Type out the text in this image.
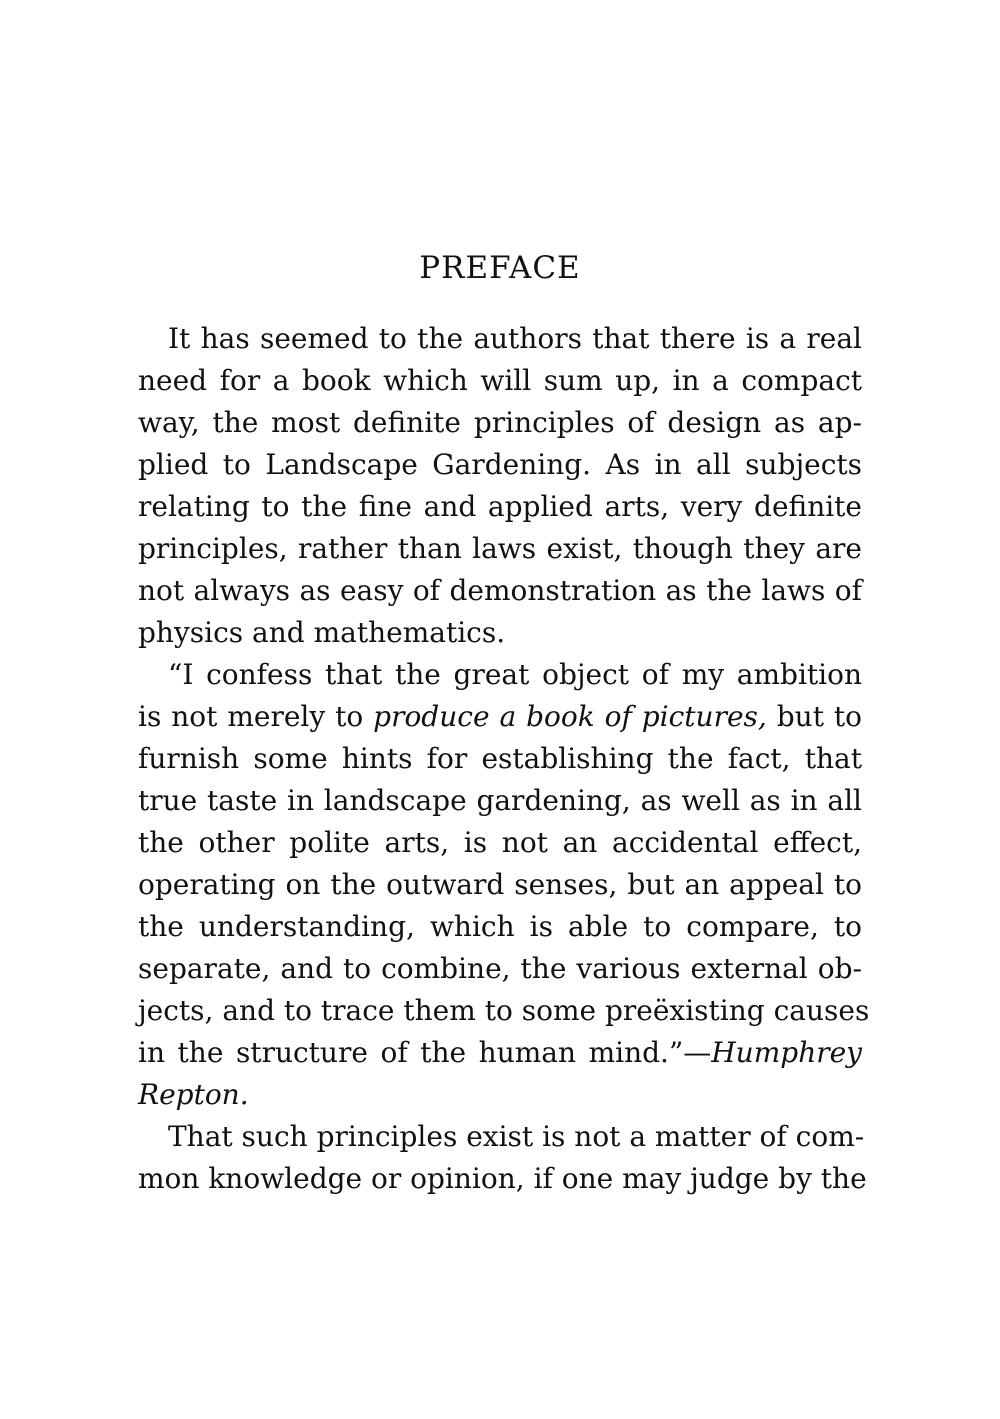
PREFACE
It has seemed to the authors that there is a real
need for a book which will sum up, in a compact
way, the most definite principles of design as ap-
plied to Landscape Gardening. As in all subjects
relating to the fine and applied arts, very definite
principles, rather than laws exist, though they are
not always as easy of demonstration as the laws of
physics and mathematics.
“I confess that the great object of my ambition
is not merely to produce a book of pictures, but to
furnish some hints for establishing the fact, that
true taste in landscape gardening, as well as in all
the other polite arts, is not an accidental effect,
operating on the outward senses, but an appeal to
the understanding, which is able to compare, to
separate, and to combine, the various external ob-
jects, and to trace them to some preëxisting causes
in the structure of the human mind.”—Humphrey
Repton.
That such principles exist is not a matter of com-
mon knowledge or opinion, if one may judge by the
